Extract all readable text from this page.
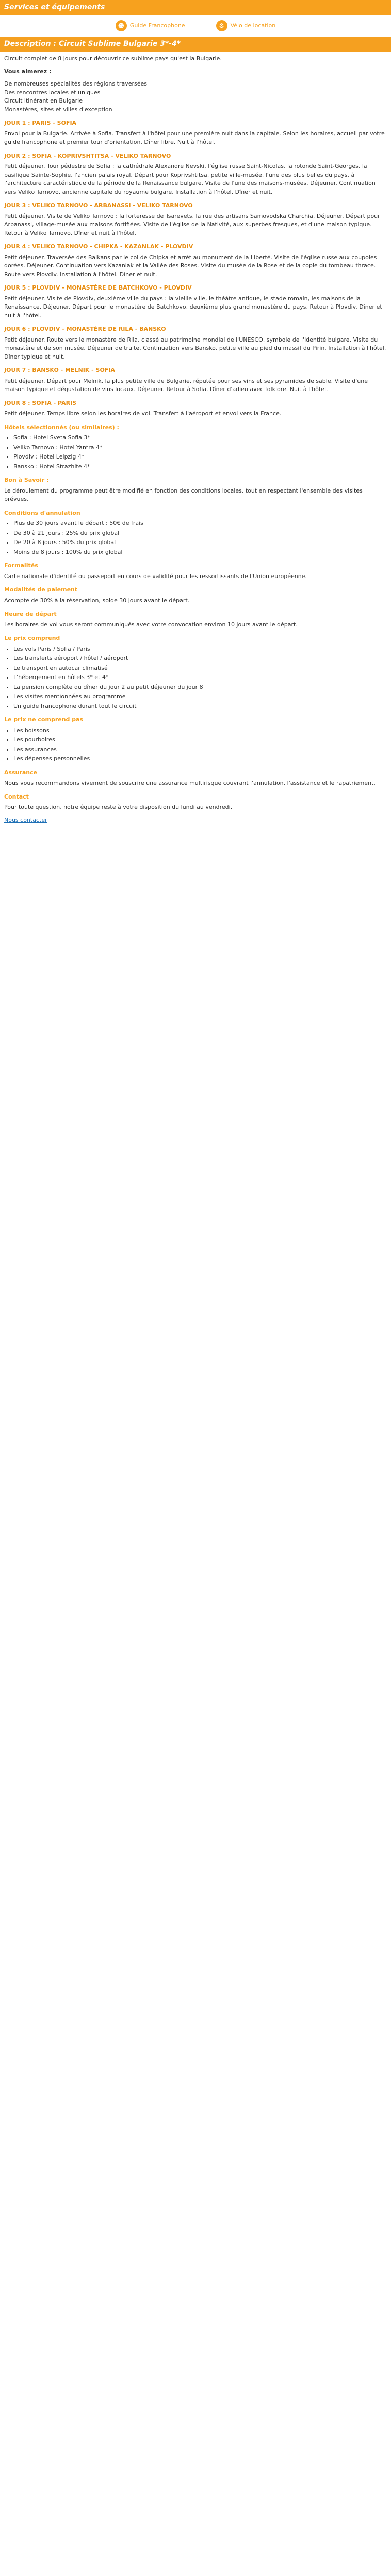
Services et équipements
☻ Guide Francophone	⚙	Vélo de location
Description : Circuit Sublime Bulgarie 3*-4*

Circuit complet de 8 jours pour découvrir ce sublime pays qu'est la Bulgarie.

Vous aimerez :

De nombreuses spécialités des régions traversées
Des rencontres locales et uniques
Circuit itinérant en Bulgarie
Monastères, sites et villes d'exception
JOUR 1 : PARIS - SOFIA

Envol pour la Bulgarie. Arrivée à Sofia. Transfert à l'hôtel pour une première nuit dans la capitale. Selon les horaires, accueil par votre guide francophone et premier tour d'orientation. Dîner libre. Nuit à l'hôtel.

JOUR 2 : SOFIA - KOPRIVSHTITSA - VELIKO TARNOVO

Petit déjeuner. Tour pédestre de Sofia : la cathédrale Alexandre Nevski, l'église russe Saint-Nicolas, la rotonde Saint-Georges, la basilique Sainte-Sophie, l'ancien palais royal. Départ pour Koprivshtitsa, petite ville-musée, l'une des plus belles du pays, à l'architecture caractéristique de la période de la Renaissance bulgare. Visite de l'une des maisons-musées. Déjeuner. Continuation vers Veliko Tarnovo, ancienne capitale du royaume bulgare. Installation à l'hôtel. Dîner et nuit.

JOUR 3 : VELIKO TARNOVO - ARBANASSI - VELIKO TARNOVO

Petit déjeuner. Visite de Veliko Tarnovo : la forteresse de Tsarevets, la rue des artisans Samovodska Charchia. Déjeuner. Départ pour Arbanassi, village-musée aux maisons fortifiées. Visite de l'église de la Nativité, aux superbes fresques, et d'une maison typique. Retour à Veliko Tarnovo. Dîner et nuit à l'hôtel.

JOUR 4 : VELIKO TARNOVO - CHIPKA - KAZANLAK - PLOVDIV

Petit déjeuner. Traversée des Balkans par le col de Chipka et arrêt au monument de la Liberté. Visite de l'église russe aux coupoles dorées. Déjeuner. Continuation vers Kazanlak et la Vallée des Roses. Visite du musée de la Rose et de la copie du tombeau thrace. Route vers Plovdiv. Installation à l'hôtel. Dîner et nuit.

JOUR 5 : PLOVDIV - MONASTÈRE DE BATCHKOVO - PLOVDIV

Petit déjeuner. Visite de Plovdiv, deuxième ville du pays : la vieille ville, le théâtre antique, le stade romain, les maisons de la Renaissance. Déjeuner. Départ pour le monastère de Batchkovo, deuxième plus grand monastère du pays. Retour à Plovdiv. Dîner et nuit à l'hôtel.

JOUR 6 : PLOVDIV - MONASTÈRE DE RILA - BANSKO

Petit déjeuner. Route vers le monastère de Rila, classé au patrimoine mondial de l'UNESCO, symbole de l'identité bulgare. Visite du monastère et de son musée. Déjeuner de truite. Continuation vers Bansko, petite ville au pied du massif du Pirin. Installation à l'hôtel. Dîner typique et nuit.

JOUR 7 : BANSKO - MELNIK - SOFIA

Petit déjeuner. Départ pour Melnik, la plus petite ville de Bulgarie, réputée pour ses vins et ses pyramides de sable. Visite d'une maison typique et dégustation de vins locaux. Déjeuner. Retour à Sofia. Dîner d'adieu avec folklore. Nuit à l'hôtel.

JOUR 8 : SOFIA - PARIS

Petit déjeuner. Temps libre selon les horaires de vol. Transfert à l'aéroport et envol vers la France.

Hôtels sélectionnés (ou similaires) :
• Sofia : Hotel Sveta Sofia 3*
• Veliko Tarnovo : Hotel Yantra 4*
• Plovdiv : Hotel Leipzig 4*
• Bansko : Hotel Strazhite 4*
Bon à Savoir :

Le déroulement du programme peut être modifié en fonction des conditions locales, tout en respectant l'ensemble des visites prévues.

Conditions d'annulation
• Plus de 30 jours avant le départ : 50€ de frais
• De 30 à 21 jours : 25% du prix global
• De 20 à 8 jours : 50% du prix global
• Moins de 8 jours : 100% du prix global
Formalités

Carte nationale d'identité ou passeport en cours de validité pour les ressortissants de l'Union européenne.

Modalités de paiement

Acompte de 30% à la réservation, solde 30 jours avant le départ.

Heure de départ

Les horaires de vol vous seront communiqués avec votre convocation environ 10 jours avant le départ.

Le prix comprend
• Les vols Paris / Sofia / Paris
• Les transferts aéroport / hôtel / aéroport
• Le transport en autocar climatisé
• L'hébergement en hôtels 3* et 4*
• La pension complète du dîner du jour 2 au petit déjeuner du jour 8
• Les visites mentionnées au programme
• Un guide francophone durant tout le circuit
Le prix ne comprend pas
• Les boissons
• Les pourboires
• Les assurances
• Les dépenses personnelles
Assurance

Nous vous recommandons vivement de souscrire une assurance multirisque couvrant l'annulation, l'assistance et le rapatriement.

Contact

Pour toute question, notre équipe reste à votre disposition du lundi au vendredi.

Nous contacter
